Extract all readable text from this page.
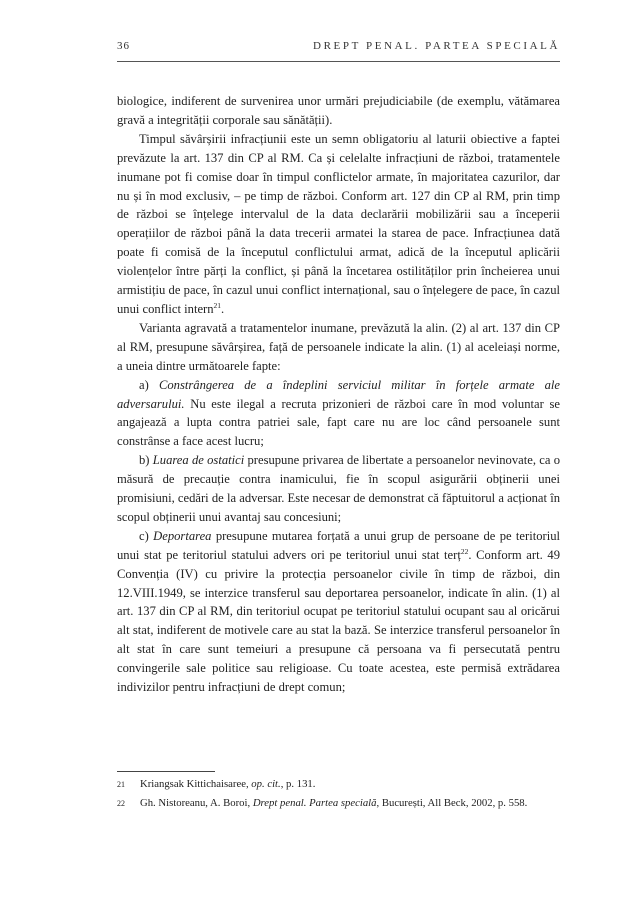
36	DREPT PENAL. PARTEA SPECIALĂ

biologice, indiferent de survenirea unor urmări prejudiciabile (de exemplu, vătămarea gravă a integrității corporale sau sănătății).

Timpul săvârșirii infracțiunii este un semn obligatoriu al laturii obiective a faptei prevăzute la art. 137 din CP al RM. Ca și celelalte infracțiuni de război, tratamentele inumane pot fi comise doar în timpul conflictelor armate, în majoritatea cazurilor, dar nu și în mod exclusiv, – pe timp de război. Conform art. 127 din CP al RM, prin timp de război se înțelege intervalul de la data declarării mobilizării sau a începerii operațiilor de război până la data trecerii armatei la starea de pace. Infracțiunea dată poate fi comisă de la începutul conflictului armat, adică de la începutul aplicării violențelor între părți la conflict, și până la încetarea ostilităților prin încheierea unui armistițiu de pace, în cazul unui conflict internațional, sau o înțelegere de pace, în cazul unui conflict intern$^{21}$.

Varianta agravată a tratamentelor inumane, prevăzută la alin. (2) al art. 137 din CP al RM, presupune săvârșirea, față de persoanele indicate la alin. (1) al aceleiași norme, a uneia dintre următoarele fapte:

a) Constrângerea de a îndeplini serviciul militar în forțele armate ale adversarului. Nu este ilegal a recruta prizonieri de război care în mod voluntar se angajează a lupta contra patriei sale, fapt care nu are loc când persoanele sunt constrânse a face acest lucru;

b) Luarea de ostatici presupune privarea de libertate a persoanelor nevinovate, ca o măsură de precauție contra inamicului, fie în scopul asigurării obținerii unei promisiuni, cedări de la adversar. Este necesar de demonstrat că făptuitorul a acționat în scopul obținerii unui avantaj sau concesiuni;

c) Deportarea presupune mutarea forțată a unui grup de persoane de pe teritoriul unui stat pe teritoriul statului advers ori pe teritoriul unui stat terț$^{22}$. Conform art. 49 Convenția (IV) cu privire la protecția persoanelor civile în timp de război, din 12.VIII.1949, se interzice transferul sau deportarea persoanelor, indicate în alin. (1) al art. 137 din CP al RM, din teritoriul ocupat pe teritoriul statului ocupant sau al oricărui alt stat, indiferent de motivele care au stat la bază. Se interzice transferul persoanelor în alt stat în care sunt temeiuri a presupune că persoana va fi persecutată pentru convingerile sale politice sau religioase. Cu toate acestea, este permisă extrădarea indivizilor pentru infracțiuni de drept comun;

21 Kriangsak Kittichaisaree, op. cit., p. 131.

22 Gh. Nistoreanu, A. Boroi, Drept penal. Partea specială, București, All Beck, 2002, p. 558.
